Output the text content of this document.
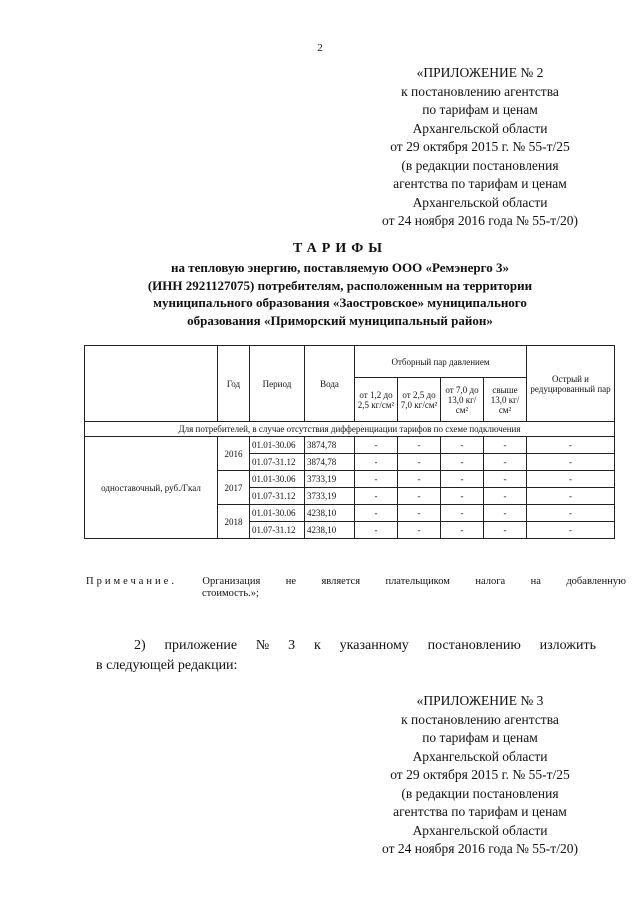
2
«ПРИЛОЖЕНИЕ № 2
к постановлению агентства
по тарифам и ценам
Архангельской области
от 29 октября 2015 г. № 55-т/25
(в редакции постановления
агентства по тарифам и ценам
Архангельской области
от 24 ноября 2016 года № 55-т/20)
ТАРИФЫ
на тепловую энергию, поставляемую ООО «Ремэнерго 3»
(ИНН 2921127075) потребителям, расположенным на территории
муниципального образования «Заостровское» муниципального
образования «Приморский муниципальный район»
	Год	Период	Вода	Отборный пар давлением				Острый и редуцированный пар
				от 1,2 до 2,5 кг/см²	от 2,5 до 7,0 кг/см²	от 7,0 до 13,0 кг/см²	свыше 13,0 кг/см²	
Для потребителей, в случае отсутствия дифференциации тарифов по схеме подключения								
одноставочный, руб./Гкал	2016	01.01-30.06	3874,78	-	-	-	-	-
		01.07-31.12	3874,78	-	-	-	-	-
	2017	01.01-30.06	3733,19	-	-	-	-	-
		01.07-31.12	3733,19	-	-	-	-	-
	2018	01.01-30.06	4238,10	-	-	-	-	-
		01.07-31.12	4238,10	-	-	-	-	-
Примечание. Организация не является плательщиком налога на добавленную
стоимость.»;
2) приложение № 3 к указанному постановлению изложить
в следующей редакции:
«ПРИЛОЖЕНИЕ № 3
к постановлению агентства
по тарифам и ценам
Архангельской области
от 29 октября 2015 г. № 55-т/25
(в редакции постановления
агентства по тарифам и ценам
Архангельской области
от 24 ноября 2016 года № 55-т/20)
